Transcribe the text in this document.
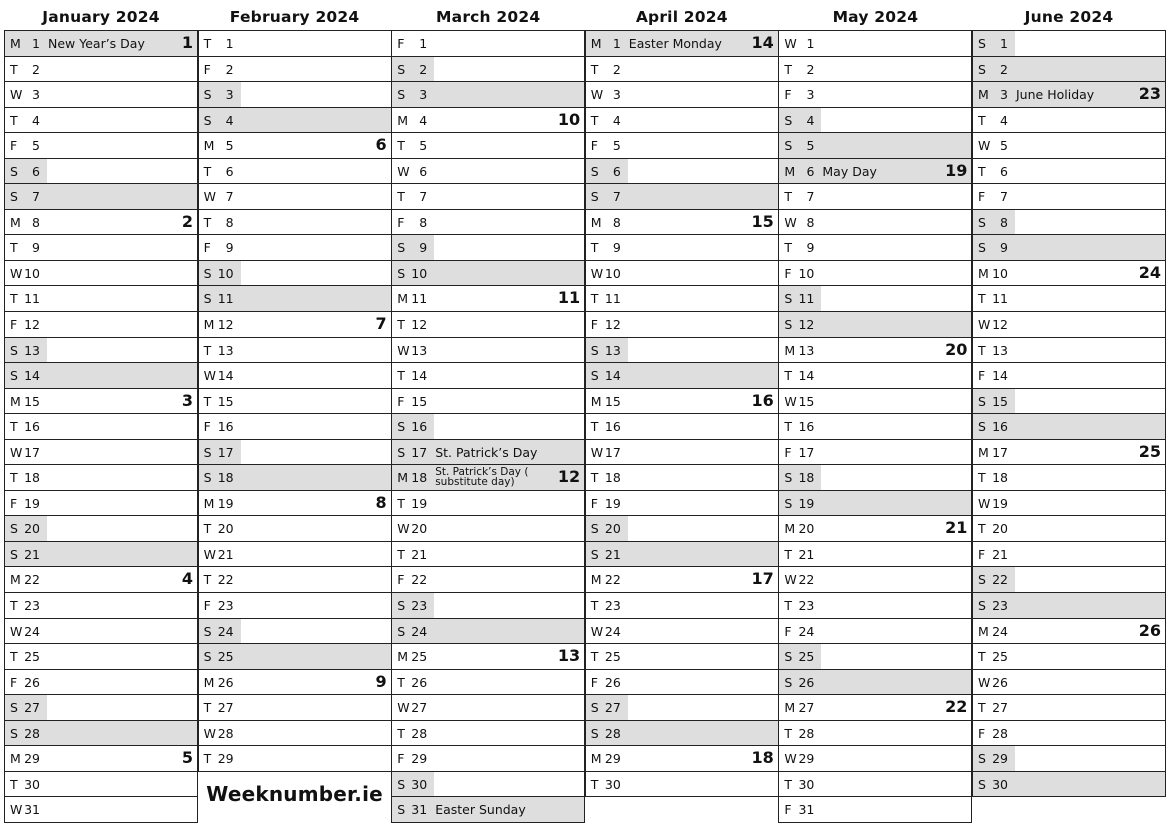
January 2024
M 1 New Year’s Day 1
T	2
W 3
T	4
F	5
S	6
S	7
M 8	2
T	9
W 10
T 11
F 12
S 13
S 14
M 15	3
T 16
W 17
T 18
F 19
S 20
S 21
M 22	4
T 23
W 24
T 25
F 26
S 27
S 28
M 29	5
T 30
W 31
February 2024
T	1
F	2
S	3
S	4
M 5	6
T	6
W 7
T	8
F	9
S 10
S 11
M 12	7
T 13
W 14
T 15
F 16
S 17
S 18
M 19	8
T 20
W 21
T 22
F 23
S 24
S 25
M 26	9
T 27
W 28
T 29
March 2024
F	1
S	2
S	3
M 4	10
T	5
W 6
T	7
F	8
S	9
S 10
M 11	11
T 12
W 13
T 14
F 15
S 16
S 17 St. Patrick’s Day
M 18 St. Patrick’s Day ( substitute day)	12
T 19
W 20
T 21
F 22
S 23
S 24
M 25	13
T 26
W 27
T 28
F 29
S 30
S 31 Easter Sunday
April 2024
M 1 Easter Monday 14
T	2
W 3
T	4
F	5
S	6
S	7
M 8	15
T	9
W 10
T 11
F 12
S 13
S 14
M 15	16
T 16
W 17
T 18
F 19
S 20
S 21
M 22	17
T 23
W 24
T 25
F 26
S 27
S 28
M 29	18
T 30
May 2024
W 1
T	2
F	3
S	4
S	5
M 6 May Day	19
T	7
W 8
T	9
F 10
S 11
S 12
M 13	20
T 14
W 15
T 16
F 17
S 18
S 19
M 20	21
T 21
W 22
T 23
F 24
S 25
S 26
M 27	22
T 28
W 29
T 30
F 31
June 2024
S	1
S	2
M 3 June Holiday	23
T	4
W 5
T	6
F	7
S	8
S	9
M 10	24
T 11
W 12
T 13
F 14
S 15
S 16
M 17	25
T 18
W 19
T 20
F 21
S 22
S 23
M 24	26
T 25
W 26
T 27
F 28
S 29
S 30
Weeknumber.ie
